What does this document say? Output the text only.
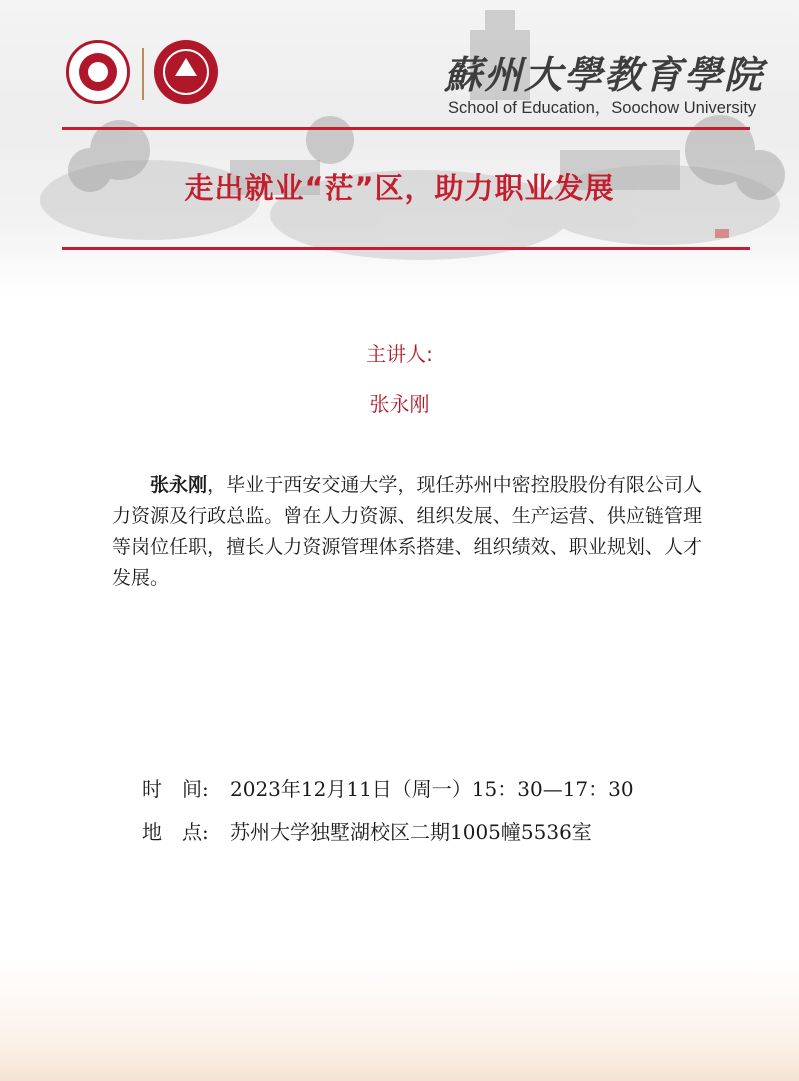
蘇州大學教育學院
School of Education，Soochow University
走出就业“茫”区，助力职业发展
主讲人:
张永刚
张永刚，毕业于西安交通大学，现任苏州中密控股股份有限公司人力资源及行政总监。曾在人力资源、组织发展、生产运营、供应链管理等岗位任职，擅长人力资源管理体系搭建、组织绩效、职业规划、人才发展。
时　间: 2023年12月11日（周一）15：30—17：30
地　点: 苏州大学独墅湖校区二期1005幢5536室
